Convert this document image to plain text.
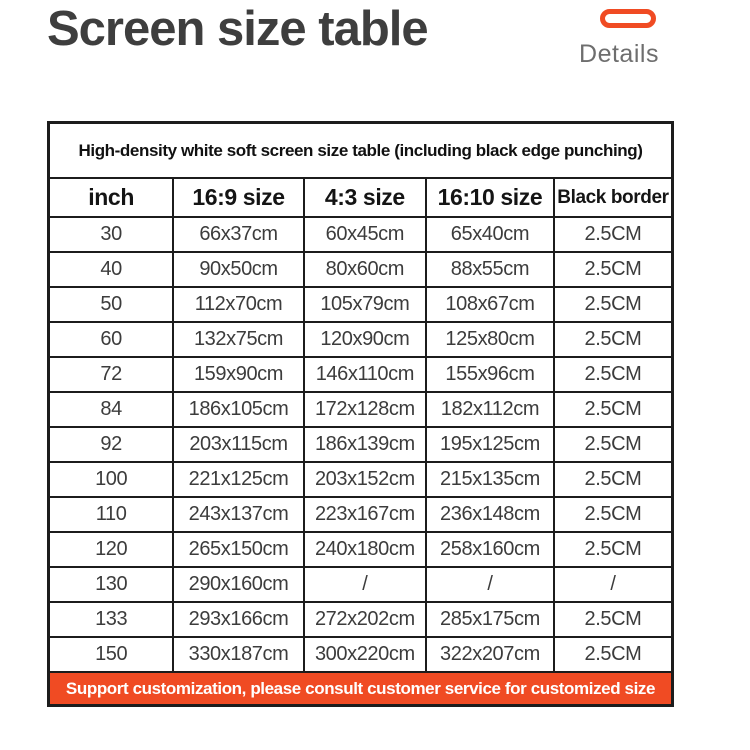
Screen size table	Details
High-density white soft screen size table (including black edge punching)				
inch	16:9 size	4:3 size	16:10 size	Black border
30	66x37cm	60x45cm	65x40cm	2.5CM
40	90x50cm	80x60cm	88x55cm	2.5CM
50	112x70cm	105x79cm	108x67cm	2.5CM
60	132x75cm	120x90cm	125x80cm	2.5CM
72	159x90cm	146x110cm	155x96cm	2.5CM
84	186x105cm	172x128cm	182x112cm	2.5CM
92	203x115cm	186x139cm	195x125cm	2.5CM
100	221x125cm	203x152cm	215x135cm	2.5CM
110	243x137cm	223x167cm	236x148cm	2.5CM
120	265x150cm	240x180cm	258x160cm	2.5CM
130	290x160cm	/	/	/
133	293x166cm	272x202cm	285x175cm	2.5CM
150	330x187cm	300x220cm	322x207cm	2.5CM
Support customization, please consult customer service for customized size				
